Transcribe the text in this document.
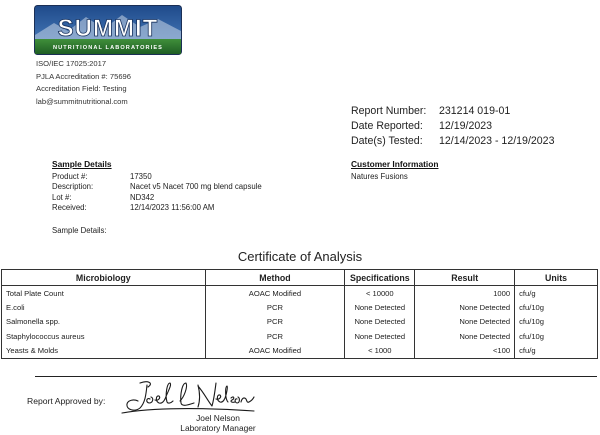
SUMMIT
NUTRITIONAL LABORATORIES
ISO/IEC 17025:2017
PJLA Accreditation #: 75696
Accreditation Field: Testing
lab@summitnutritional.com
Report Number:	231214 019-01
Date Reported:	12/19/2023
Date(s) Tested:	12/14/2023 - 12/19/2023
Sample Details
Product #:	17350
Description:	Nacet v5 Nacet 700 mg blend capsule
Lot #:	ND342
Received:	12/14/2023 11:56:00 AM
Sample Details:
Customer Information
Natures Fusions
Certificate of Analysis
Microbiology	Method	Specifications	Result	Units
Total Plate Count	AOAC Modified	< 10000	1000	cfu/g
E.coli	PCR	None Detected	None Detected	cfu/10g
Salmonella spp.	PCR	None Detected	None Detected	cfu/10g
Staphylococcus aureus	PCR	None Detected	None Detected	cfu/10g
Yeasts & Molds	AOAC Modified	< 1000	<100	cfu/g
Report Approved by:
Joel Nelson
Laboratory Manager
